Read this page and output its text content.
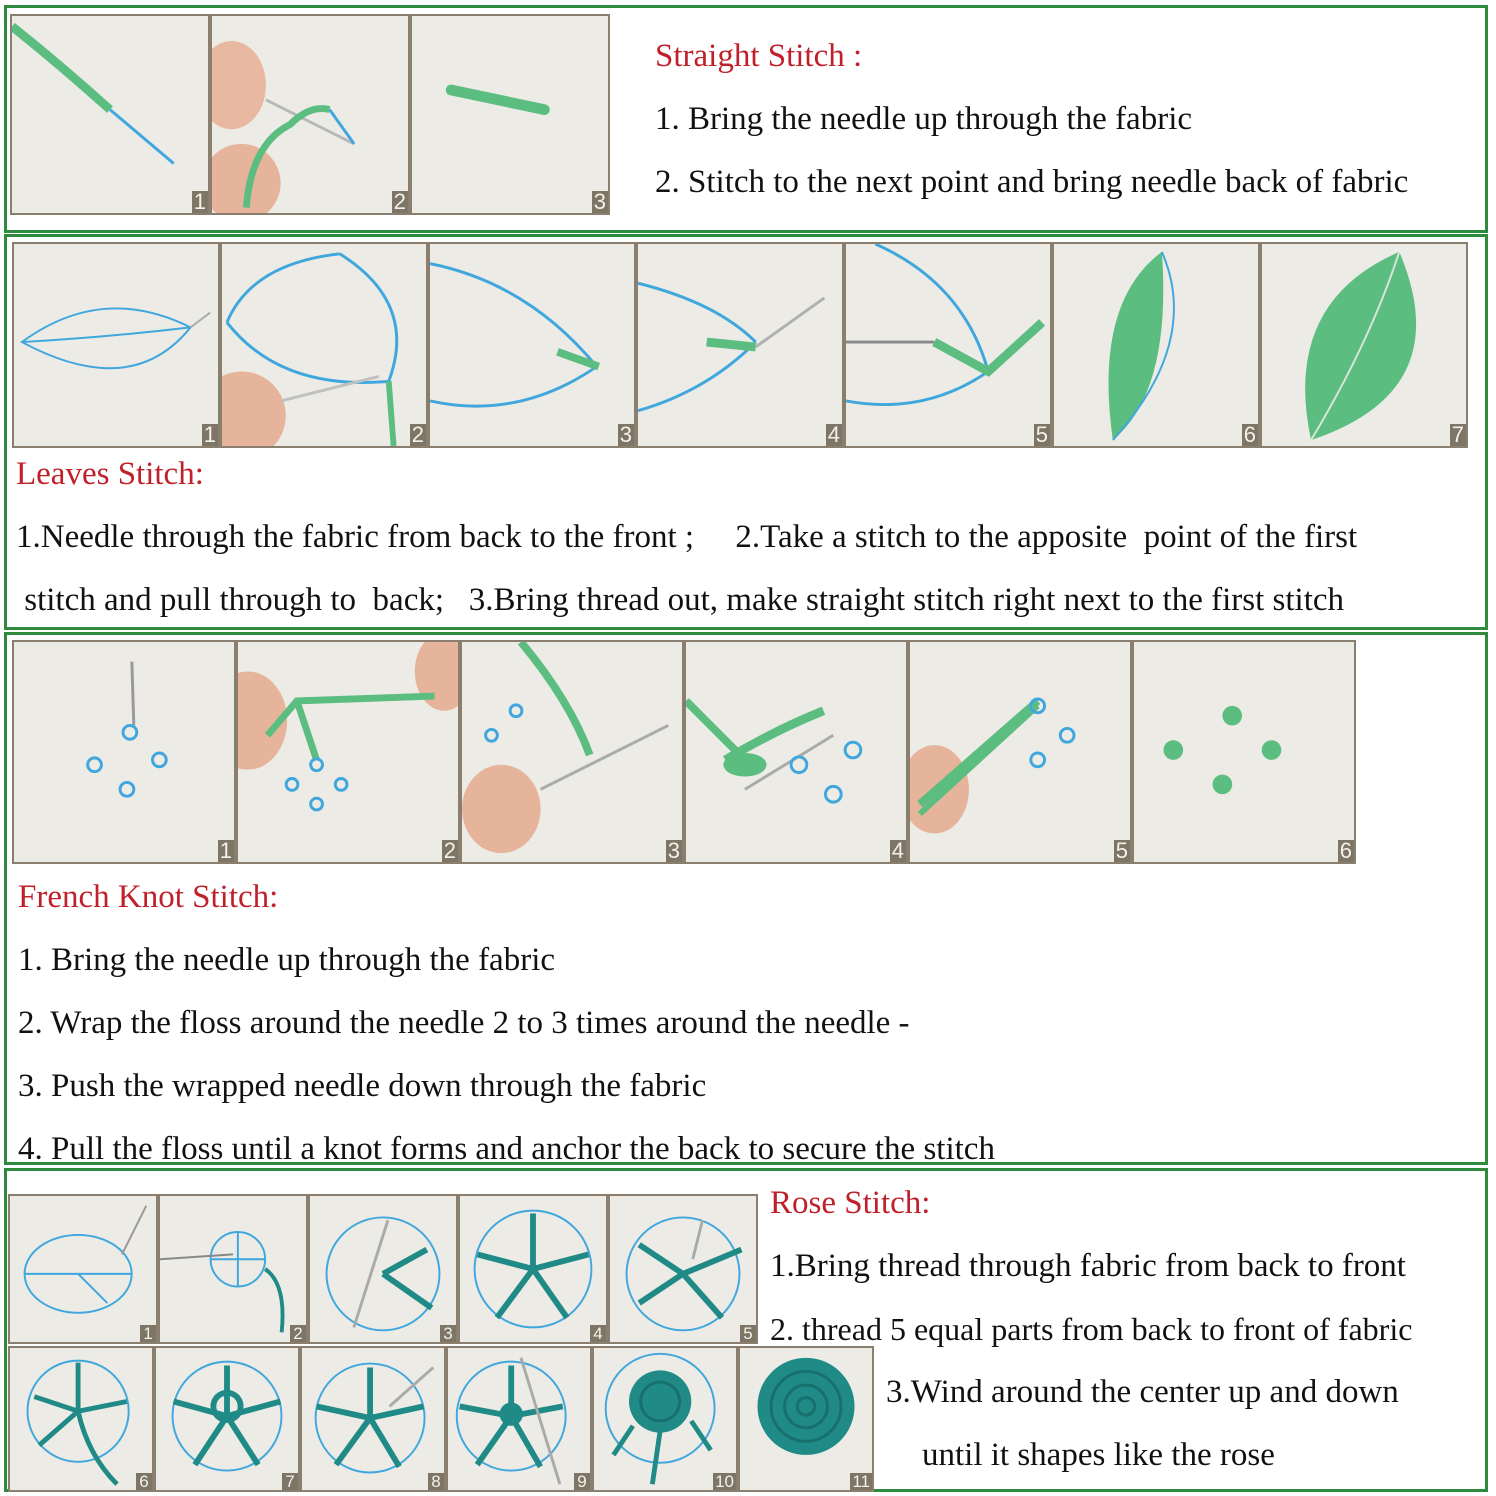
1	2	3
Straight Stitch :
1. Bring the needle up through the fabric
2. Stitch to the next point and bring needle back of fabric
1	2	3	4	5	6	7
Leaves Stitch:
1.Needle through the fabric from back to the front ;     2.Take a stitch to the apposite  point of the first
stitch and pull through to  back;   3.Bring thread out, make straight stitch right next to the first stitch
1	2	3	4	5	6
French Knot Stitch:
1. Bring the needle up through the fabric
2. Wrap the floss around the needle 2 to 3 times around the needle -
3. Push the wrapped needle down through the fabric
4. Pull the floss until a knot forms and anchor the back to secure the stitch
1	2	3	4	5
6	7	8	9	10	11
Rose Stitch:
1.Bring thread through fabric from back to front
2. thread 5 equal parts from back to front of fabric
3.Wind around the center up and down
until it shapes like the rose
